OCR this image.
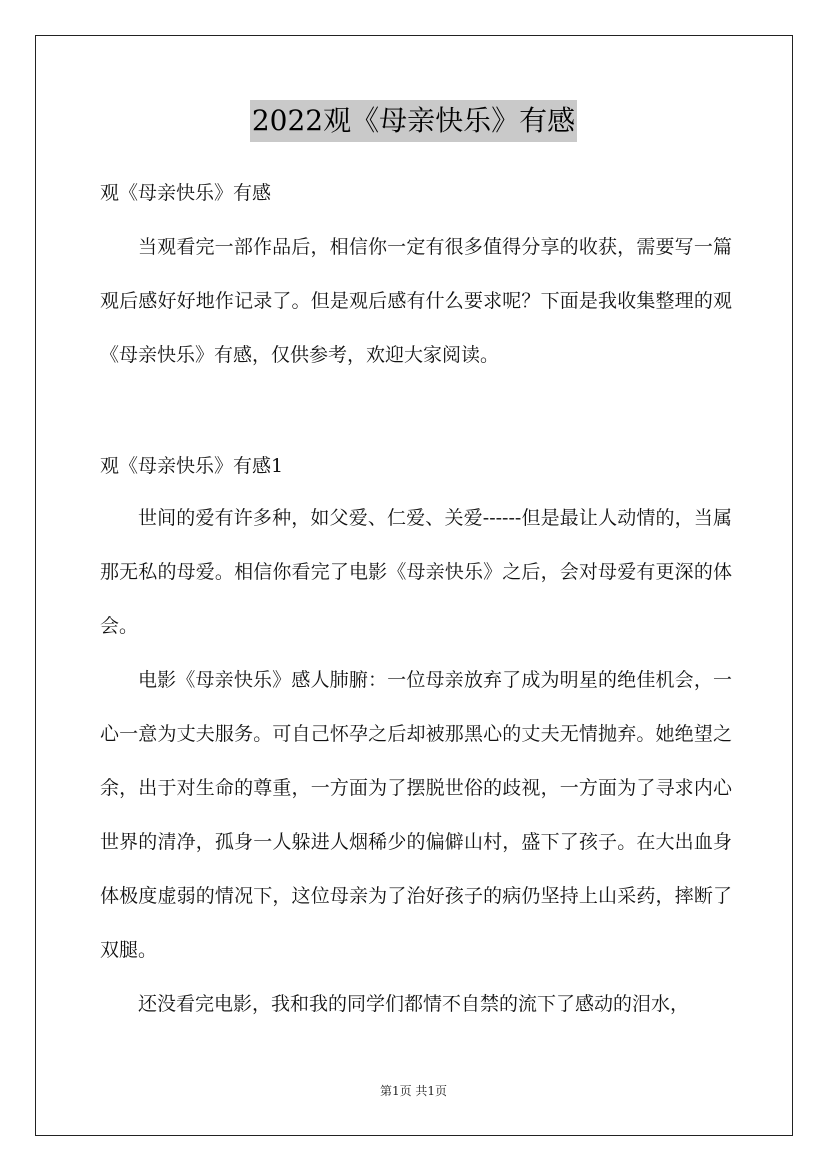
2022观《母亲快乐》有感
观《母亲快乐》有感

当观看完一部作品后，相信你一定有很多值得分享的收获，需要写一篇观后感好好地作记录了。但是观后感有什么要求呢？下面是我收集整理的观《母亲快乐》有感，仅供参考，欢迎大家阅读。

观《母亲快乐》有感1

世间的爱有许多种，如父爱、仁爱、关爱------但是最让人动情的，当属那无私的母爱。相信你看完了电影《母亲快乐》之后，会对母爱有更深的体会。

电影《母亲快乐》感人肺腑：一位母亲放弃了成为明星的绝佳机会，一心一意为丈夫服务。可自己怀孕之后却被那黑心的丈夫无情抛弃。她绝望之余，出于对生命的尊重，一方面为了摆脱世俗的歧视，一方面为了寻求内心世界的清净，孤身一人躲进人烟稀少的偏僻山村，盛下了孩子。在大出血身体极度虚弱的情况下，这位母亲为了治好孩子的病仍坚持上山采药，摔断了双腿。

还没看完电影，我和我的同学们都情不自禁的流下了感动的泪水，

第1页 共1页
